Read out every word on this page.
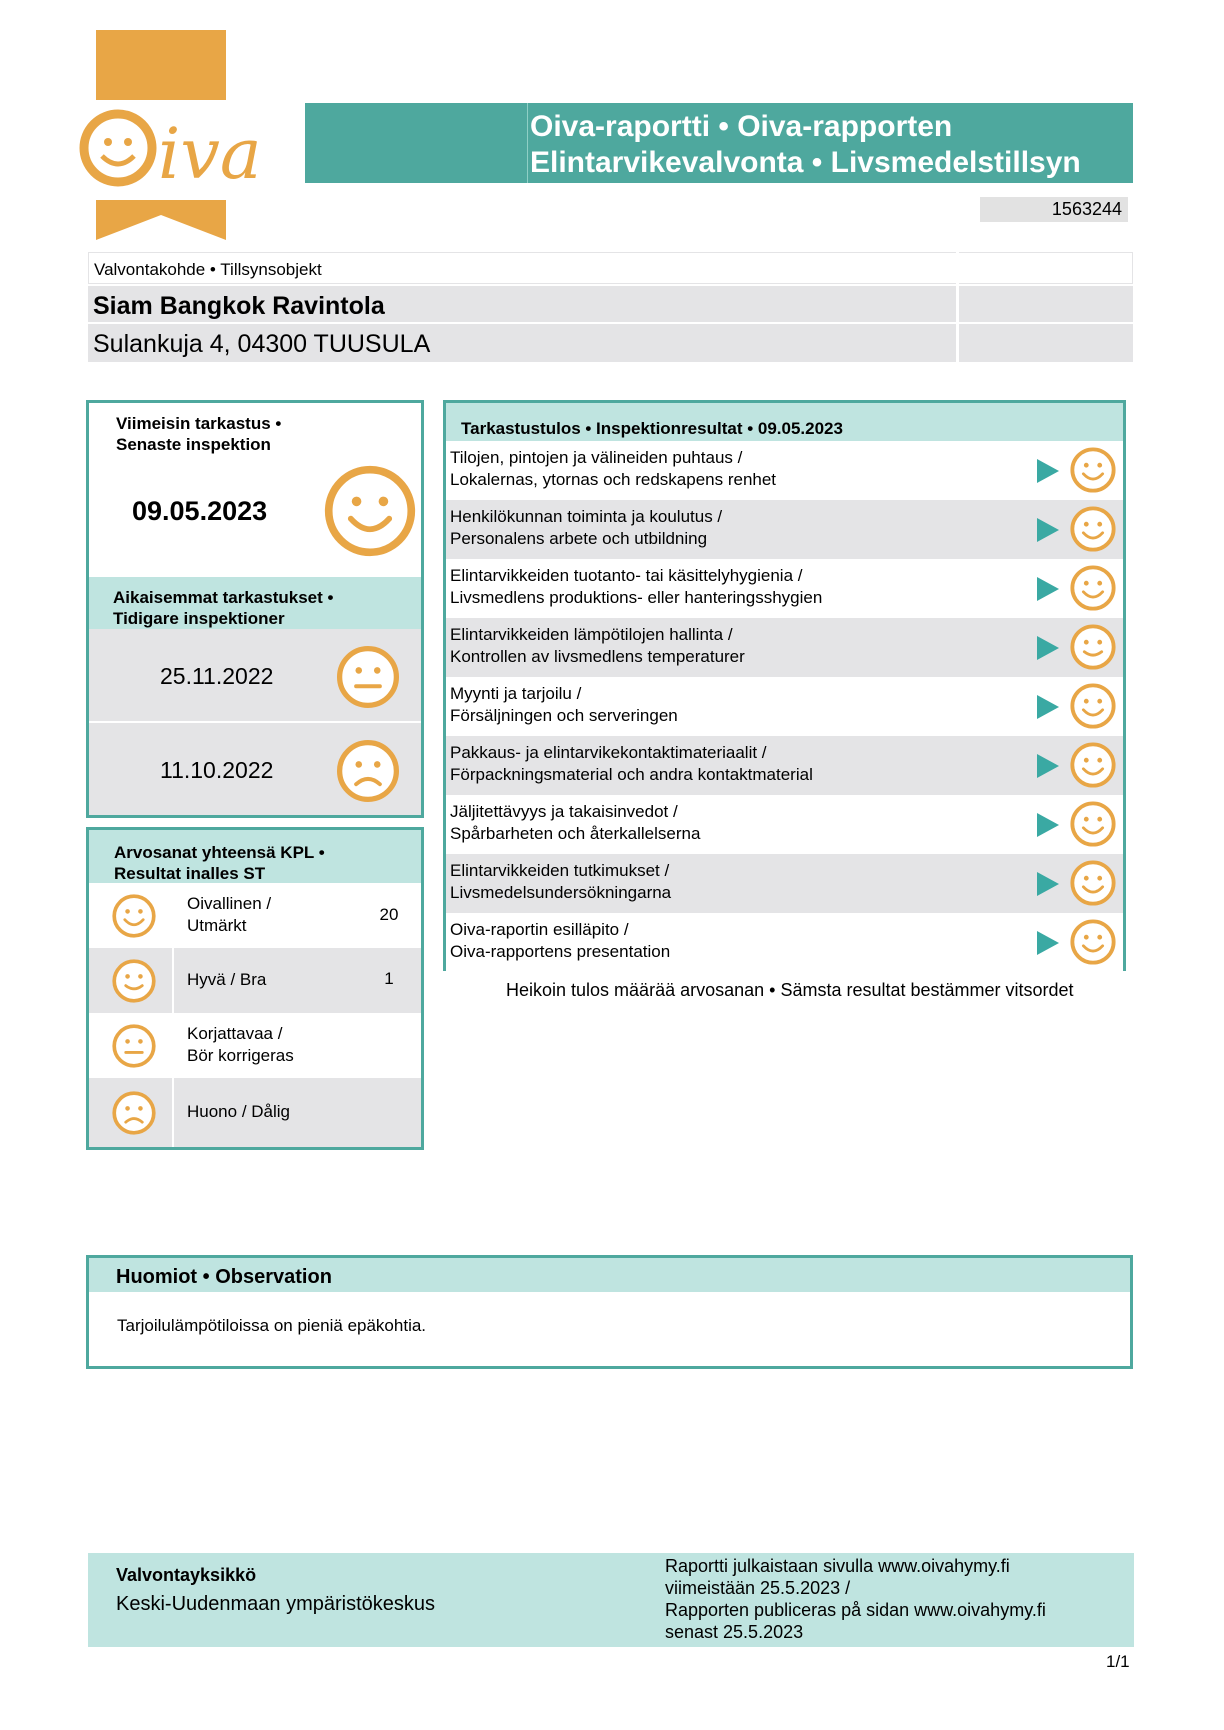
iva	Oiva-raportti • Oiva-rapporten
Elintarvikevalvonta • Livsmedelstillsyn
1563244
Valvontakohde • Tillsynsobjekt
Siam Bangkok Ravintola
Sulankuja 4, 04300 TUUSULA
Viimeisin tarkastus •
Senaste inspektion
09.05.2023
Aikaisemmat tarkastukset •
Tidigare inspektioner
25.11.2022
11.10.2022
Arvosanat yhteensä KPL •
Resultat inalles ST
Oivallinen /
Utmärkt
20
Hyvä / Bra	1
Korjattavaa /
Bör korrigeras
Huono / Dålig
Tarkastustulos • Inspektionresultat • 09.05.2023
Tilojen, pintojen ja välineiden puhtaus /
Lokalernas, ytornas och redskapens renhet
Henkilökunnan toiminta ja koulutus /
Personalens arbete och utbildning
Elintarvikkeiden tuotanto- tai käsittelyhygienia /
Livsmedlens produktions- eller hanteringsshygien
Elintarvikkeiden lämpötilojen hallinta /
Kontrollen av livsmedlens temperaturer
Myynti ja tarjoilu /
Försäljningen och serveringen
Pakkaus- ja elintarvikekontaktimateriaalit /
Förpackningsmaterial och andra kontaktmaterial
Jäljitettävyys ja takaisinvedot /
Spårbarheten och återkallelserna
Elintarvikkeiden tutkimukset /
Livsmedelsundersökningarna
Oiva-raportin esilläpito /
Oiva-rapportens presentation
Heikoin tulos määrää arvosanan • Sämsta resultat bestämmer vitsordet
Huomiot • Observation
Tarjoilulämpötiloissa on pieniä epäkohtia.
Valvontayksikkö
Keski-Uudenmaan ympäristökeskus
Raportti julkaistaan sivulla www.oivahymy.fi
viimeistään 25.5.2023 /
Rapporten publiceras på sidan www.oivahymy.fi
senast 25.5.2023
1/1
